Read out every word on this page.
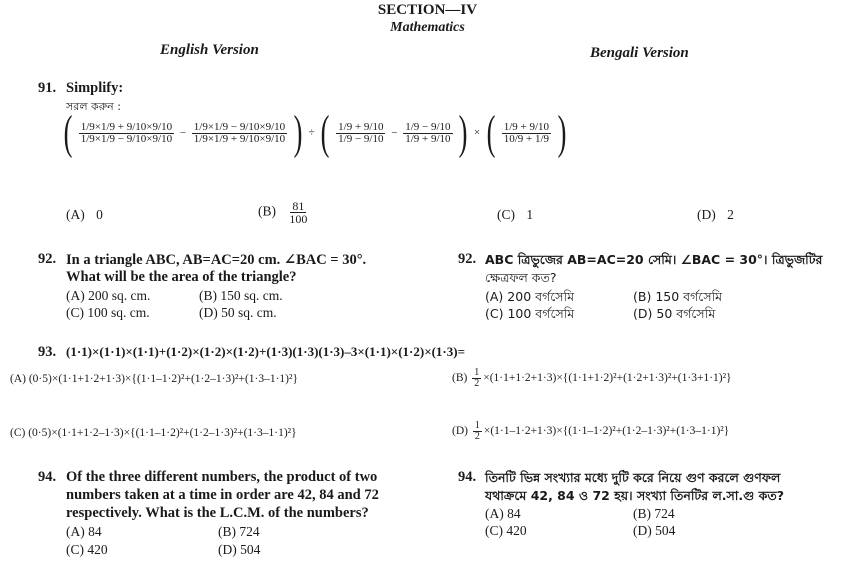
SECTION—IV
Mathematics
English Version	Bengali Version
91. Simplify:
সরল করুন :
( $\frac{1/9\times 1/9 + 9/10\times 9/10}{1/9\times 1/9 - 9/10\times 9/10} - \frac{1/9\times 1/9 - 9/10\times 9/10}{1/9\times 1/9 + 9/10\times 9/10}$ ) ÷ ( $\frac{1/9 + 9/10}{1/9 - 9/10} - \frac{1/9 - 9/10}{1/9 + 9/10}$ ) × ( $\frac{1/9 + 9/10}{10/9 + 1/9}$ )
(A) 0	$(B) \frac{81}{100}$	(C) 1	(D) 2
92. In a triangle ABC, AB=AC=20 cm. ∠BAC = 30°.
What will be the area of the triangle?
(A) 200 sq. cm.	(B) 150 sq. cm.
(C) 100 sq. cm.	(D) 50 sq. cm.
92. ABC ত্রিভুজের AB=AC=20 সেমি। ∠BAC = 30°। ত্রিভুজটির
ক্ষেত্রফল কত?
(A) 200 বর্গসেমি	(B) 150 বর্গসেমি
(C) 100 বর্গসেমি	(D) 50 বর্গসেমি
93. (1·1)×(1·1)×(1·1)+(1·2)×(1·2)×(1·2)+(1·3)(1·3)(1·3)–3×(1·1)×(1·2)×(1·3)=
(A) (0·5)×(1·1+1·2+1·3)×{(1·1–1·2)²+(1·2–1·3)²+(1·3–1·1)²}	$(B) \frac{1}{2} \times(1\cdot 1+1\cdot 2+1\cdot 3)\times\{(1\cdot 1+1\cdot 2)^2+(1\cdot 2+1\cdot 3)^2+(1\cdot 3+1\cdot 1)^2\}$
(C) (0·5)×(1·1+1·2–1·3)×{(1·1–1·2)²+(1·2–1·3)²+(1·3–1·1)²}	$(D) \frac{1}{2} \times(1\cdot 1-1\cdot 2+1\cdot 3)\times\{(1\cdot 1-1\cdot 2)^2+(1\cdot 2-1\cdot 3)^2+(1\cdot 3-1\cdot 1)^2\}$
94. Of the three different numbers, the product of two
numbers taken at a time in order are 42, 84 and 72
respectively. What is the L.C.M. of the numbers?
(A) 84	(B) 724
(C) 420	(D) 504
94. তিনটি ভিন্ন সংখ্যার মধ্যে দুটি করে নিয়ে গুণ করলে গুণফল
যথাক্রমে 42, 84 ও 72 হয়। সংখ্যা তিনটির ল.সা.গু কত?
(A) 84	(B) 724
(C) 420	(D) 504
